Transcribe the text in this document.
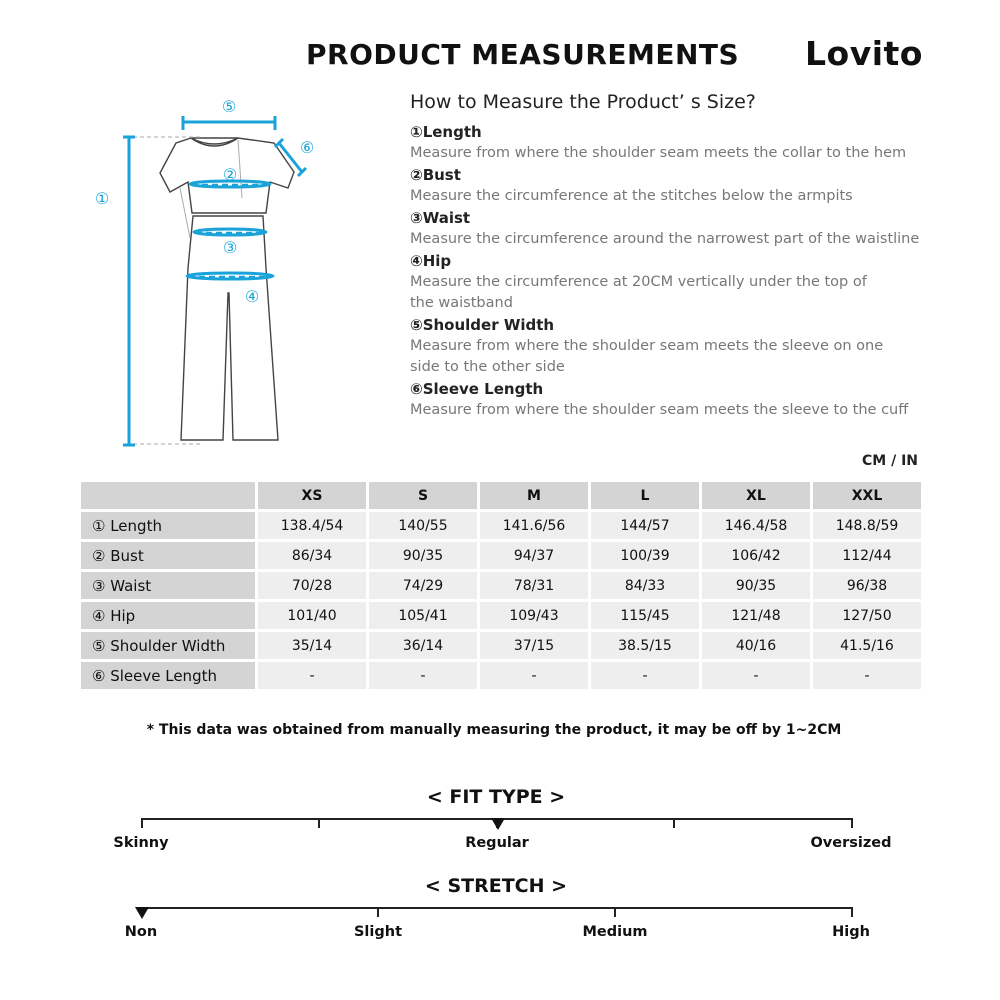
PRODUCT MEASUREMENTS Lovito
①
②
③
④
⑤
⑥
How to Measure the Product’ s Size?
①Length
Measure from where the shoulder seam meets the collar to the hem
②Bust
Measure the circumference at the stitches below the armpits
③Waist
Measure the circumference around the narrowest part of the waistline
④Hip
Measure the circumference at 20CM vertically under the top of the waistband
⑤Shoulder Width
Measure from where the shoulder seam meets the sleeve on one side to the other side
⑥Sleeve Length
Measure from where the shoulder seam meets the sleeve to the cuff
CM / IN
	XS	S	M	L	XL	XXL
① Length	138.4/54	140/55	141.6/56	144/57	146.4/58	148.8/59
② Bust	86/34	90/35	94/37	100/39	106/42	112/44
③ Waist	70/28	74/29	78/31	84/33	90/35	96/38
④ Hip	101/40	105/41	109/43	115/45	121/48	127/50
⑤ Shoulder Width	35/14	36/14	37/15	38.5/15	40/16	41.5/16
⑥ Sleeve Length	-	-	-	-	-	-
* This data was obtained from manually measuring the product, it may be off by 1~2CM
< FIT TYPE >
Skinny	Regular	Oversized
< STRETCH >
Non	Slight	Medium	High
